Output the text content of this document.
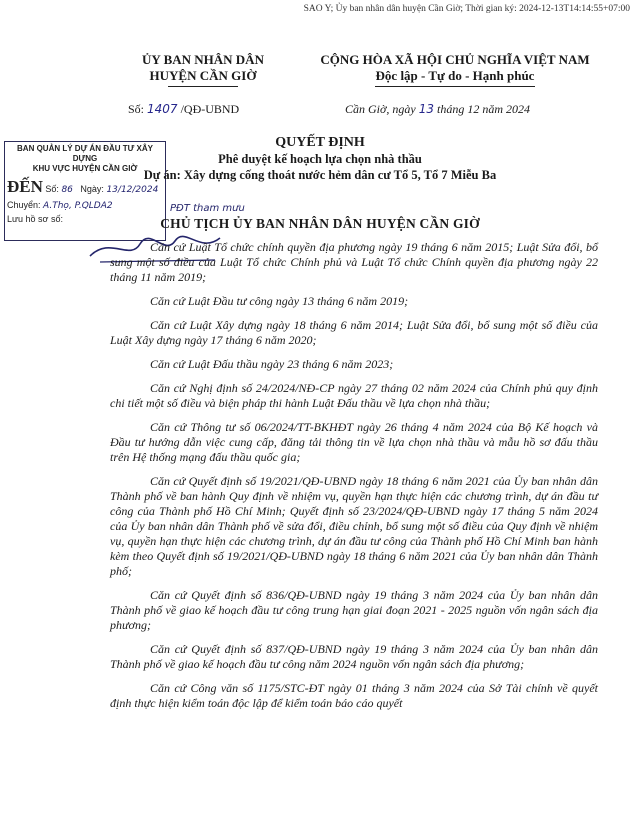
SAO Y; Ủy ban nhân dân huyện Cần Giờ; Thời gian ký: 2024-12-13T14:14:55+07:00
ỦY BAN NHÂN DÂN
HUYỆN CẦN GIỜ
CỘNG HÒA XÃ HỘI CHỦ NGHĨA VIỆT NAM
Độc lập - Tự do - Hạnh phúc
Số: 1407 /QĐ-UBND	Cần Giờ, ngày 13 tháng 12 năm 2024
BAN QUẢN LÝ DỰ ÁN ĐẦU TƯ XÂY DỰNG
KHU VỰC HUYỆN CẦN GIỜ
ĐẾN Số: 86 Ngày: 13/12/2024
Chuyển: A.Thọ, P.QLDA2
Lưu hồ sơ số:
QUYẾT ĐỊNH
Phê duyệt kế hoạch lựa chọn nhà thầu
Dự án: Xây dựng cống thoát nước hẻm dân cư Tổ 5, Tổ 7 Miễu Ba
PĐT tham mưu
CHỦ TỊCH ỦY BAN NHÂN DÂN HUYỆN CẦN GIỜ

Căn cứ Luật Tổ chức chính quyền địa phương ngày 19 tháng 6 năm 2015; Luật Sửa đổi, bổ sung một số điều của Luật Tổ chức Chính phủ và Luật Tổ chức Chính quyền địa phương ngày 22 tháng 11 năm 2019;

Căn cứ Luật Đầu tư công ngày 13 tháng 6 năm 2019;

Căn cứ Luật Xây dựng ngày 18 tháng 6 năm 2014; Luật Sửa đổi, bổ sung một số điều của Luật Xây dựng ngày 17 tháng 6 năm 2020;

Căn cứ Luật Đấu thầu ngày 23 tháng 6 năm 2023;

Căn cứ Nghị định số 24/2024/NĐ-CP ngày 27 tháng 02 năm 2024 của Chính phủ quy định chi tiết một số điều và biện pháp thi hành Luật Đấu thầu về lựa chọn nhà thầu;

Căn cứ Thông tư số 06/2024/TT-BKHĐT ngày 26 tháng 4 năm 2024 của Bộ Kế hoạch và Đầu tư hướng dẫn việc cung cấp, đăng tải thông tin về lựa chọn nhà thầu và mẫu hồ sơ đấu thầu trên Hệ thống mạng đấu thầu quốc gia;

Căn cứ Quyết định số 19/2021/QĐ-UBND ngày 18 tháng 6 năm 2021 của Ủy ban nhân dân Thành phố về ban hành Quy định về nhiệm vụ, quyền hạn thực hiện các chương trình, dự án đầu tư công của Thành phố Hồ Chí Minh; Quyết định số 23/2024/QĐ-UBND ngày 17 tháng 5 năm 2024 của Ủy ban nhân dân Thành phố về sửa đổi, điều chỉnh, bổ sung một số điều của Quy định về nhiệm vụ, quyền hạn thực hiện các chương trình, dự án đầu tư công của Thành phố Hồ Chí Minh ban hành kèm theo Quyết định số 19/2021/QĐ-UBND ngày 18 tháng 6 năm 2021 của Ủy ban nhân dân Thành phố;

Căn cứ Quyết định số 836/QĐ-UBND ngày 19 tháng 3 năm 2024 của Ủy ban nhân dân Thành phố về giao kế hoạch đầu tư công trung hạn giai đoạn 2021 - 2025 nguồn vốn ngân sách địa phương;

Căn cứ Quyết định số 837/QĐ-UBND ngày 19 tháng 3 năm 2024 của Ủy ban nhân dân Thành phố về giao kế hoạch đầu tư công năm 2024 nguồn vốn ngân sách địa phương;

Căn cứ Công văn số 1175/STC-ĐT ngày 01 tháng 3 năm 2024 của Sở Tài chính về quyết định thực hiện kiểm toán độc lập để kiểm toán báo cáo quyết
